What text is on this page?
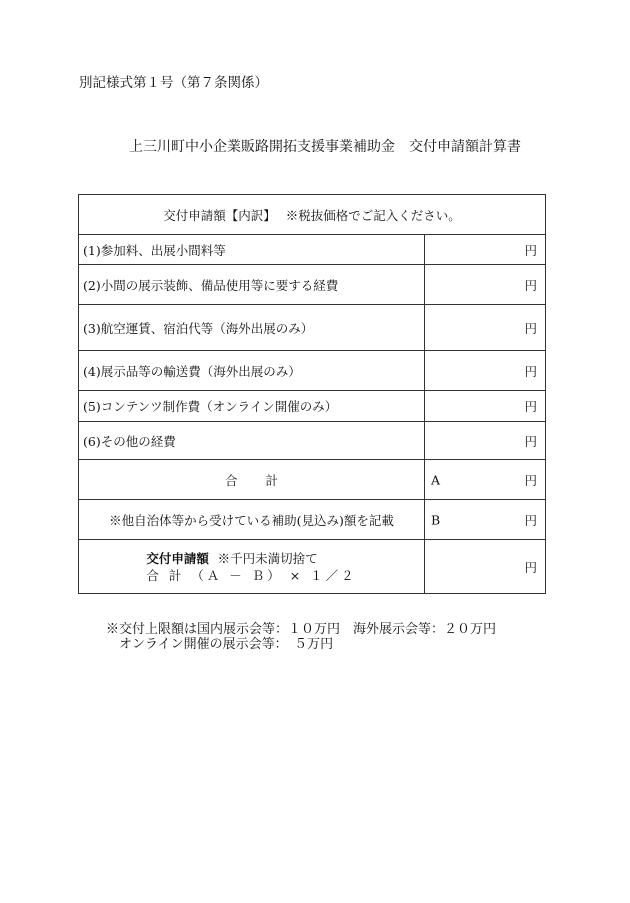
別記様式第１号（第７条関係）
上三川町中小企業販路開拓支援事業補助金 交付申請額計算書
交付申請額【内訳】 ※税抜価格でご記入ください。	
(1)参加料、出展小間料等	円

(2)小間の展示装飾、備品使用等に要する経費	円

(3)航空運賃、宿泊代等（海外出展のみ）	円

(4)展示品等の輸送費（海外出展のみ）	円

(5)コンテンツ制作費（オンライン開催のみ）	円

(6)その他の経費	円

合計	A 円

※他自治体等から受けている補助(見込み)額を記載	B 円

交付申請額 ※千円未満切捨て
合 計 （Ａ － Ｂ） × １／２	円
※交付上限額は国内展示会等：１０万円　海外展示会等：２０万円
オンライン開催の展示会等：　５万円
